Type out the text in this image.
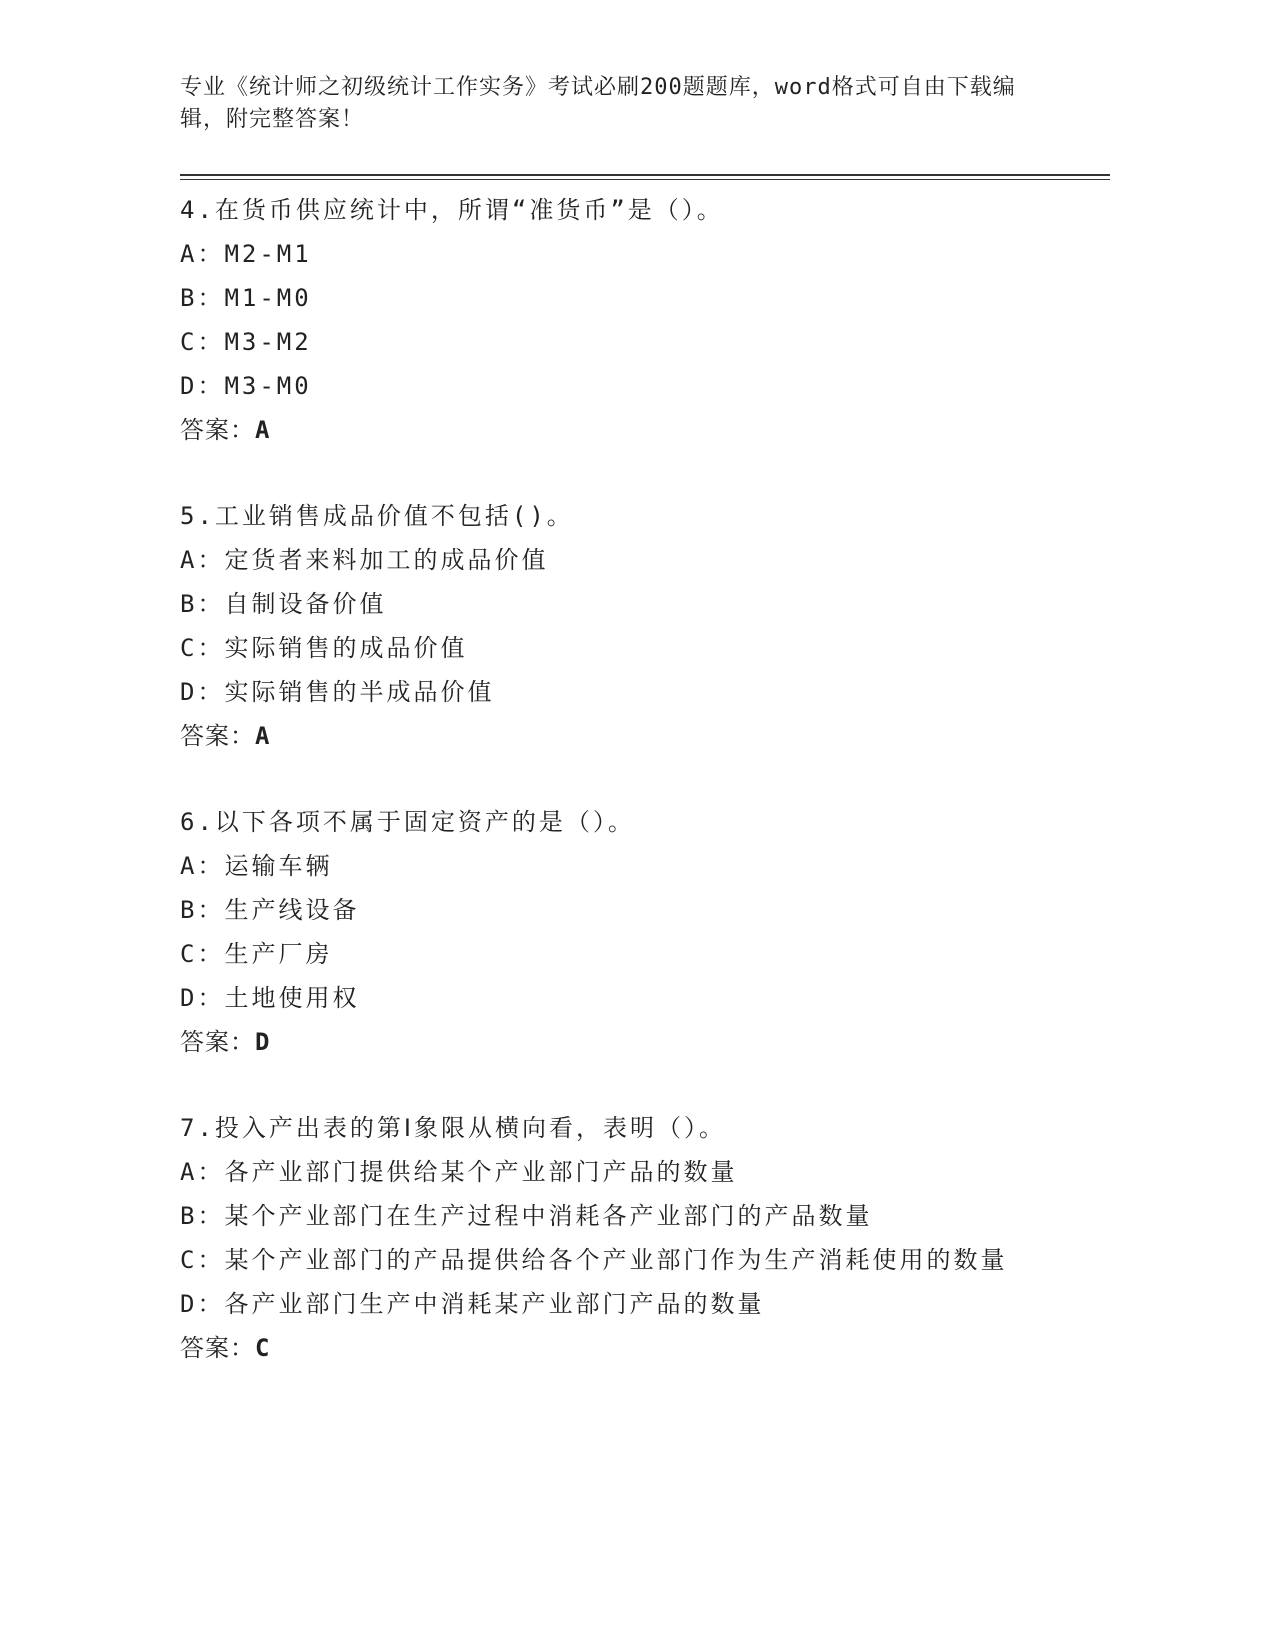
专业《统计师之初级统计工作实务》考试必刷200题题库，word格式可自由下载编辑，附完整答案！

4.在货币供应统计中，所谓“准货币”是（）。

A：M2-M1

B：M1-M0

C：M3-M2

D：M3-M0

答案：A

5.工业销售成品价值不包括()。

A：定货者来料加工的成品价值

B：自制设备价值

C：实际销售的成品价值

D：实际销售的半成品价值

答案：A

6.以下各项不属于固定资产的是（）。

A：运输车辆

B：生产线设备

C：生产厂房

D：土地使用权

答案：D

7.投入产出表的第Ⅰ象限从横向看，表明（）。

A：各产业部门提供给某个产业部门产品的数量

B：某个产业部门在生产过程中消耗各产业部门的产品数量

C：某个产业部门的产品提供给各个产业部门作为生产消耗使用的数量

D：各产业部门生产中消耗某产业部门产品的数量

答案：C
